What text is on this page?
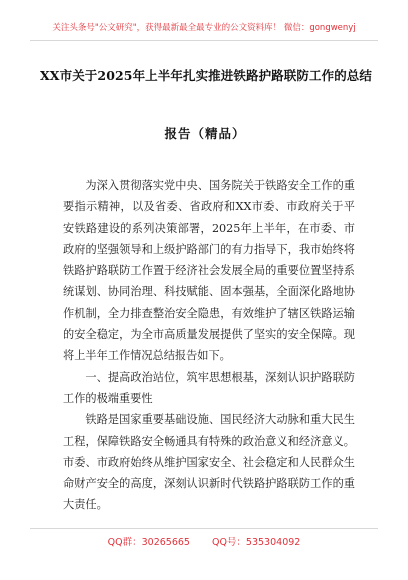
关注头条号"公文研究"，获得最新最全最专业的公文资料库！ 微信：gongwenyj
XX市关于2025年上半年扎实推进铁路护路联防工作的总结
报告（精品）

为深入贯彻落实党中央、国务院关于铁路安全工作的重要指示精神，以及省委、省政府和XX市委、市政府关于平安铁路建设的系列决策部署，2025年上半年，在市委、市政府的坚强领导和上级护路部门的有力指导下，我市始终将铁路护路联防工作置于经济社会发展全局的重要位置坚持系统谋划、协同治理、科技赋能、固本强基，全面深化路地协作机制，全力排查整治安全隐患，有效维护了辖区铁路运输的安全稳定，为全市高质量发展提供了坚实的安全保障。现将上半年工作情况总结报告如下。

一、提高政治站位，筑牢思想根基，深刻认识护路联防工作的极端重要性

铁路是国家重要基础设施、国民经济大动脉和重大民生工程，保障铁路安全畅通具有特殊的政治意义和经济意义。市委、市政府始终从维护国家安全、社会稳定和人民群众生命财产安全的高度，深刻认识新时代铁路护路联防工作的重大责任。

QQ群：30265665 QQ号：535304092
